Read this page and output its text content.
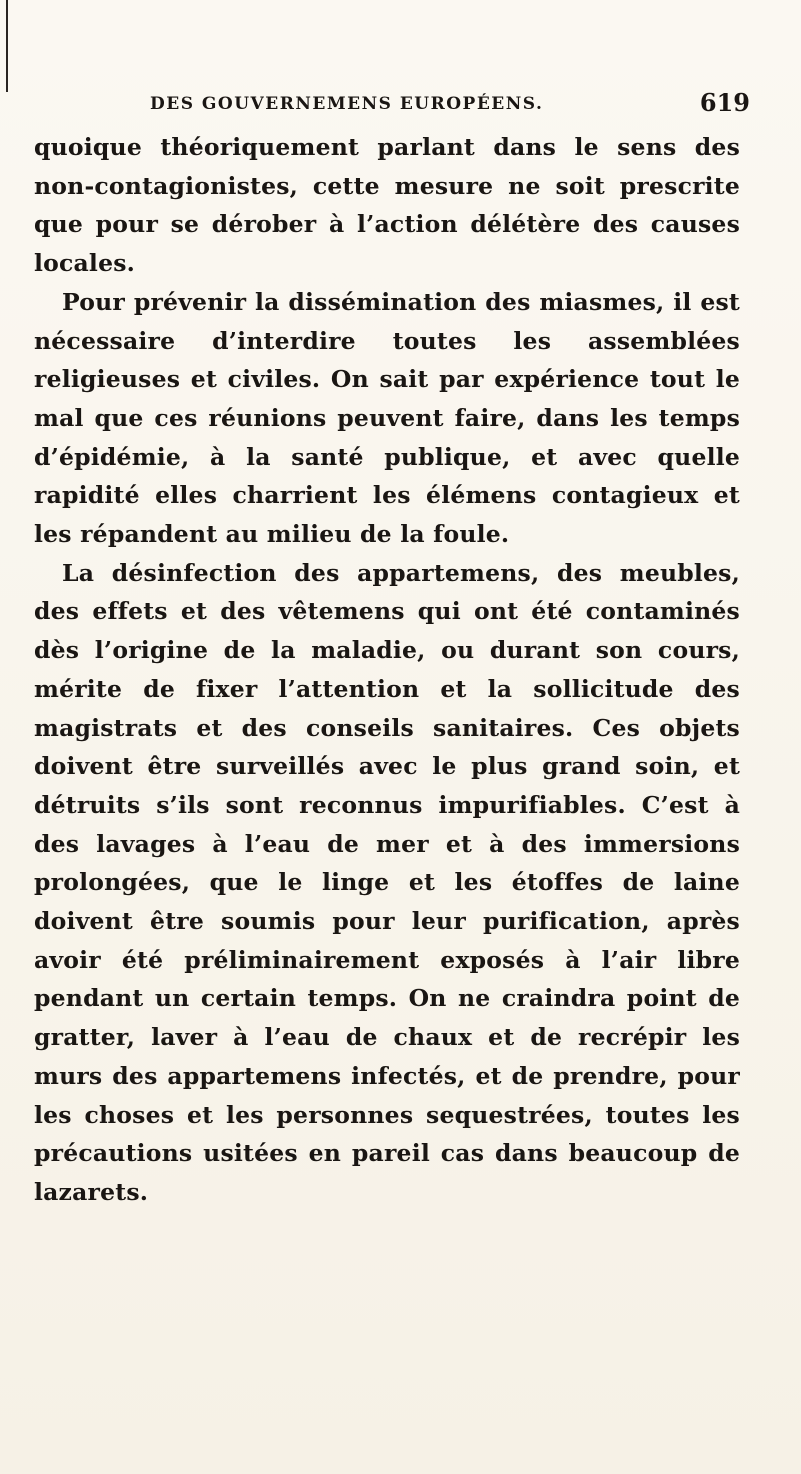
DES GOUVERNEMENS EUROPÉENS.	619

quoique théoriquement parlant dans le sens des non-contagionistes, cette mesure ne soit prescrite que pour se dérober à l’action délétère des causes locales.

Pour prévenir la dissémination des miasmes, il est nécessaire d’interdire toutes les assemblées religieuses et civiles. On sait par expérience tout le mal que ces réunions peuvent faire, dans les temps d’épidémie, à la santé publique, et avec quelle rapidité elles charrient les élémens contagieux et les répandent au milieu de la foule.

La désinfection des appartemens, des meubles, des effets et des vêtemens qui ont été contaminés dès l’origine de la maladie, ou durant son cours, mérite de fixer l’attention et la sollicitude des magistrats et des conseils sanitaires. Ces objets doivent être surveillés avec le plus grand soin, et détruits s’ils sont reconnus impurifiables. C’est à des lavages à l’eau de mer et à des immersions prolongées, que le linge et les étoffes de laine doivent être soumis pour leur purification, après avoir été préliminairement exposés à l’air libre pendant un certain temps. On ne craindra point de gratter, laver à l’eau de chaux et de recrépir les murs des appartemens infectés, et de prendre, pour les choses et les personnes sequestrées, toutes les précautions usitées en pareil cas dans beaucoup de lazarets.
